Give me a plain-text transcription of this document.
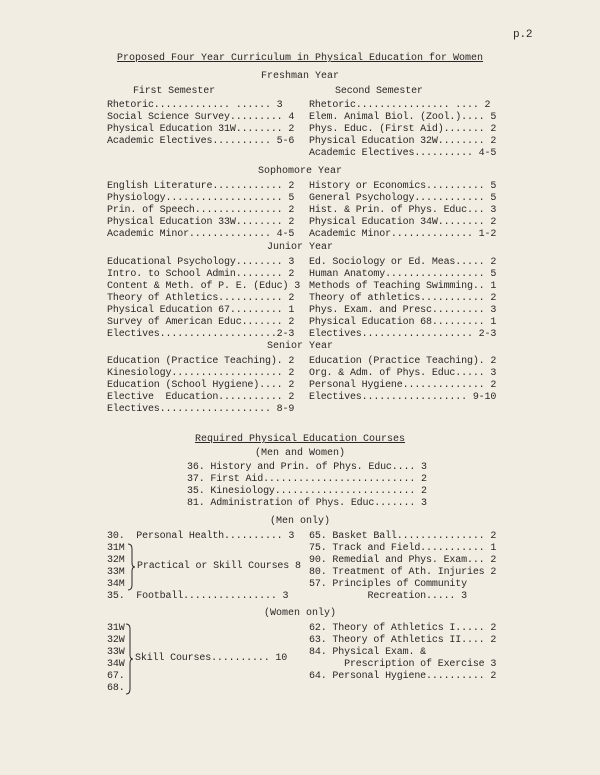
p.2
Proposed Four Year Curriculum in Physical Education for Women
Freshman Year
First Semester	Second Semester
Rhetoric............. ...... 3
Social Science Survey......... 4
Physical Education 31W........ 2
Academic Electives.......... 5-6
Rhetoric................ .... 2
Elem. Animal Biol. (Zool.).... 5
Phys. Educ. (First Aid)....... 2
Physical Education 32W........ 2
Academic Electives.......... 4-5
Sophomore Year
English Literature............ 2
Physiology.................... 5
Prin. of Speech............... 2
Physical Education 33W........ 2
Academic Minor.............. 4-5
History or Economics.......... 5
General Psychology............ 5
Hist. & Prin. of Phys. Educ... 3
Physical Education 34W........ 2
Academic Minor.............. 1-2
Junior Year
Educational Psychology........ 3
Intro. to School Admin........ 2
Content & Meth. of P. E. (Educ) 3
Theory of Athletics........... 2
Physical Education 67......... 1
Survey of American Educ....... 2
Electives....................2-3
Ed. Sociology or Ed. Meas..... 2
Human Anatomy................. 5
Methods of Teaching Swimming.. 1
Theory of athletics........... 2
Phys. Exam. and Presc......... 3
Physical Education 68......... 1
Electives................... 2-3
Senior Year
Education (Practice Teaching). 2
Kinesiology................... 2
Education (School Hygiene).... 2
Elective  Education........... 2
Electives................... 8-9
Education (Practice Teaching). 2
Org. & Adm. of Phys. Educ..... 3
Personal Hygiene.............. 2
Electives.................. 9-10
Required Physical Education Courses
(Men and Women)
36. History and Prin. of Phys. Educ.... 3
37. First Aid.......................... 2
35. Kinesiology........................ 2
81. Administration of Phys. Educ....... 3
(Men only)
30.  Personal Health.......... 3
31M
32M
33M
34M
Practical or Skill Courses 8
35.  Football................ 3
65. Basket Ball............... 2
75. Track and Field........... 1
90. Remedial and Phys. Exam... 2
80. Treatment of Ath. Injuries 2
57. Principles of Community
Recreation..... 3
(Women only)
31W
32W
33W
34W
67.
68.
Skill Courses.......... 10
62. Theory of Athletics I..... 2
63. Theory of Athletics II.... 2
84. Physical Exam. &
Prescription of Exercise 3
64. Personal Hygiene.......... 2
